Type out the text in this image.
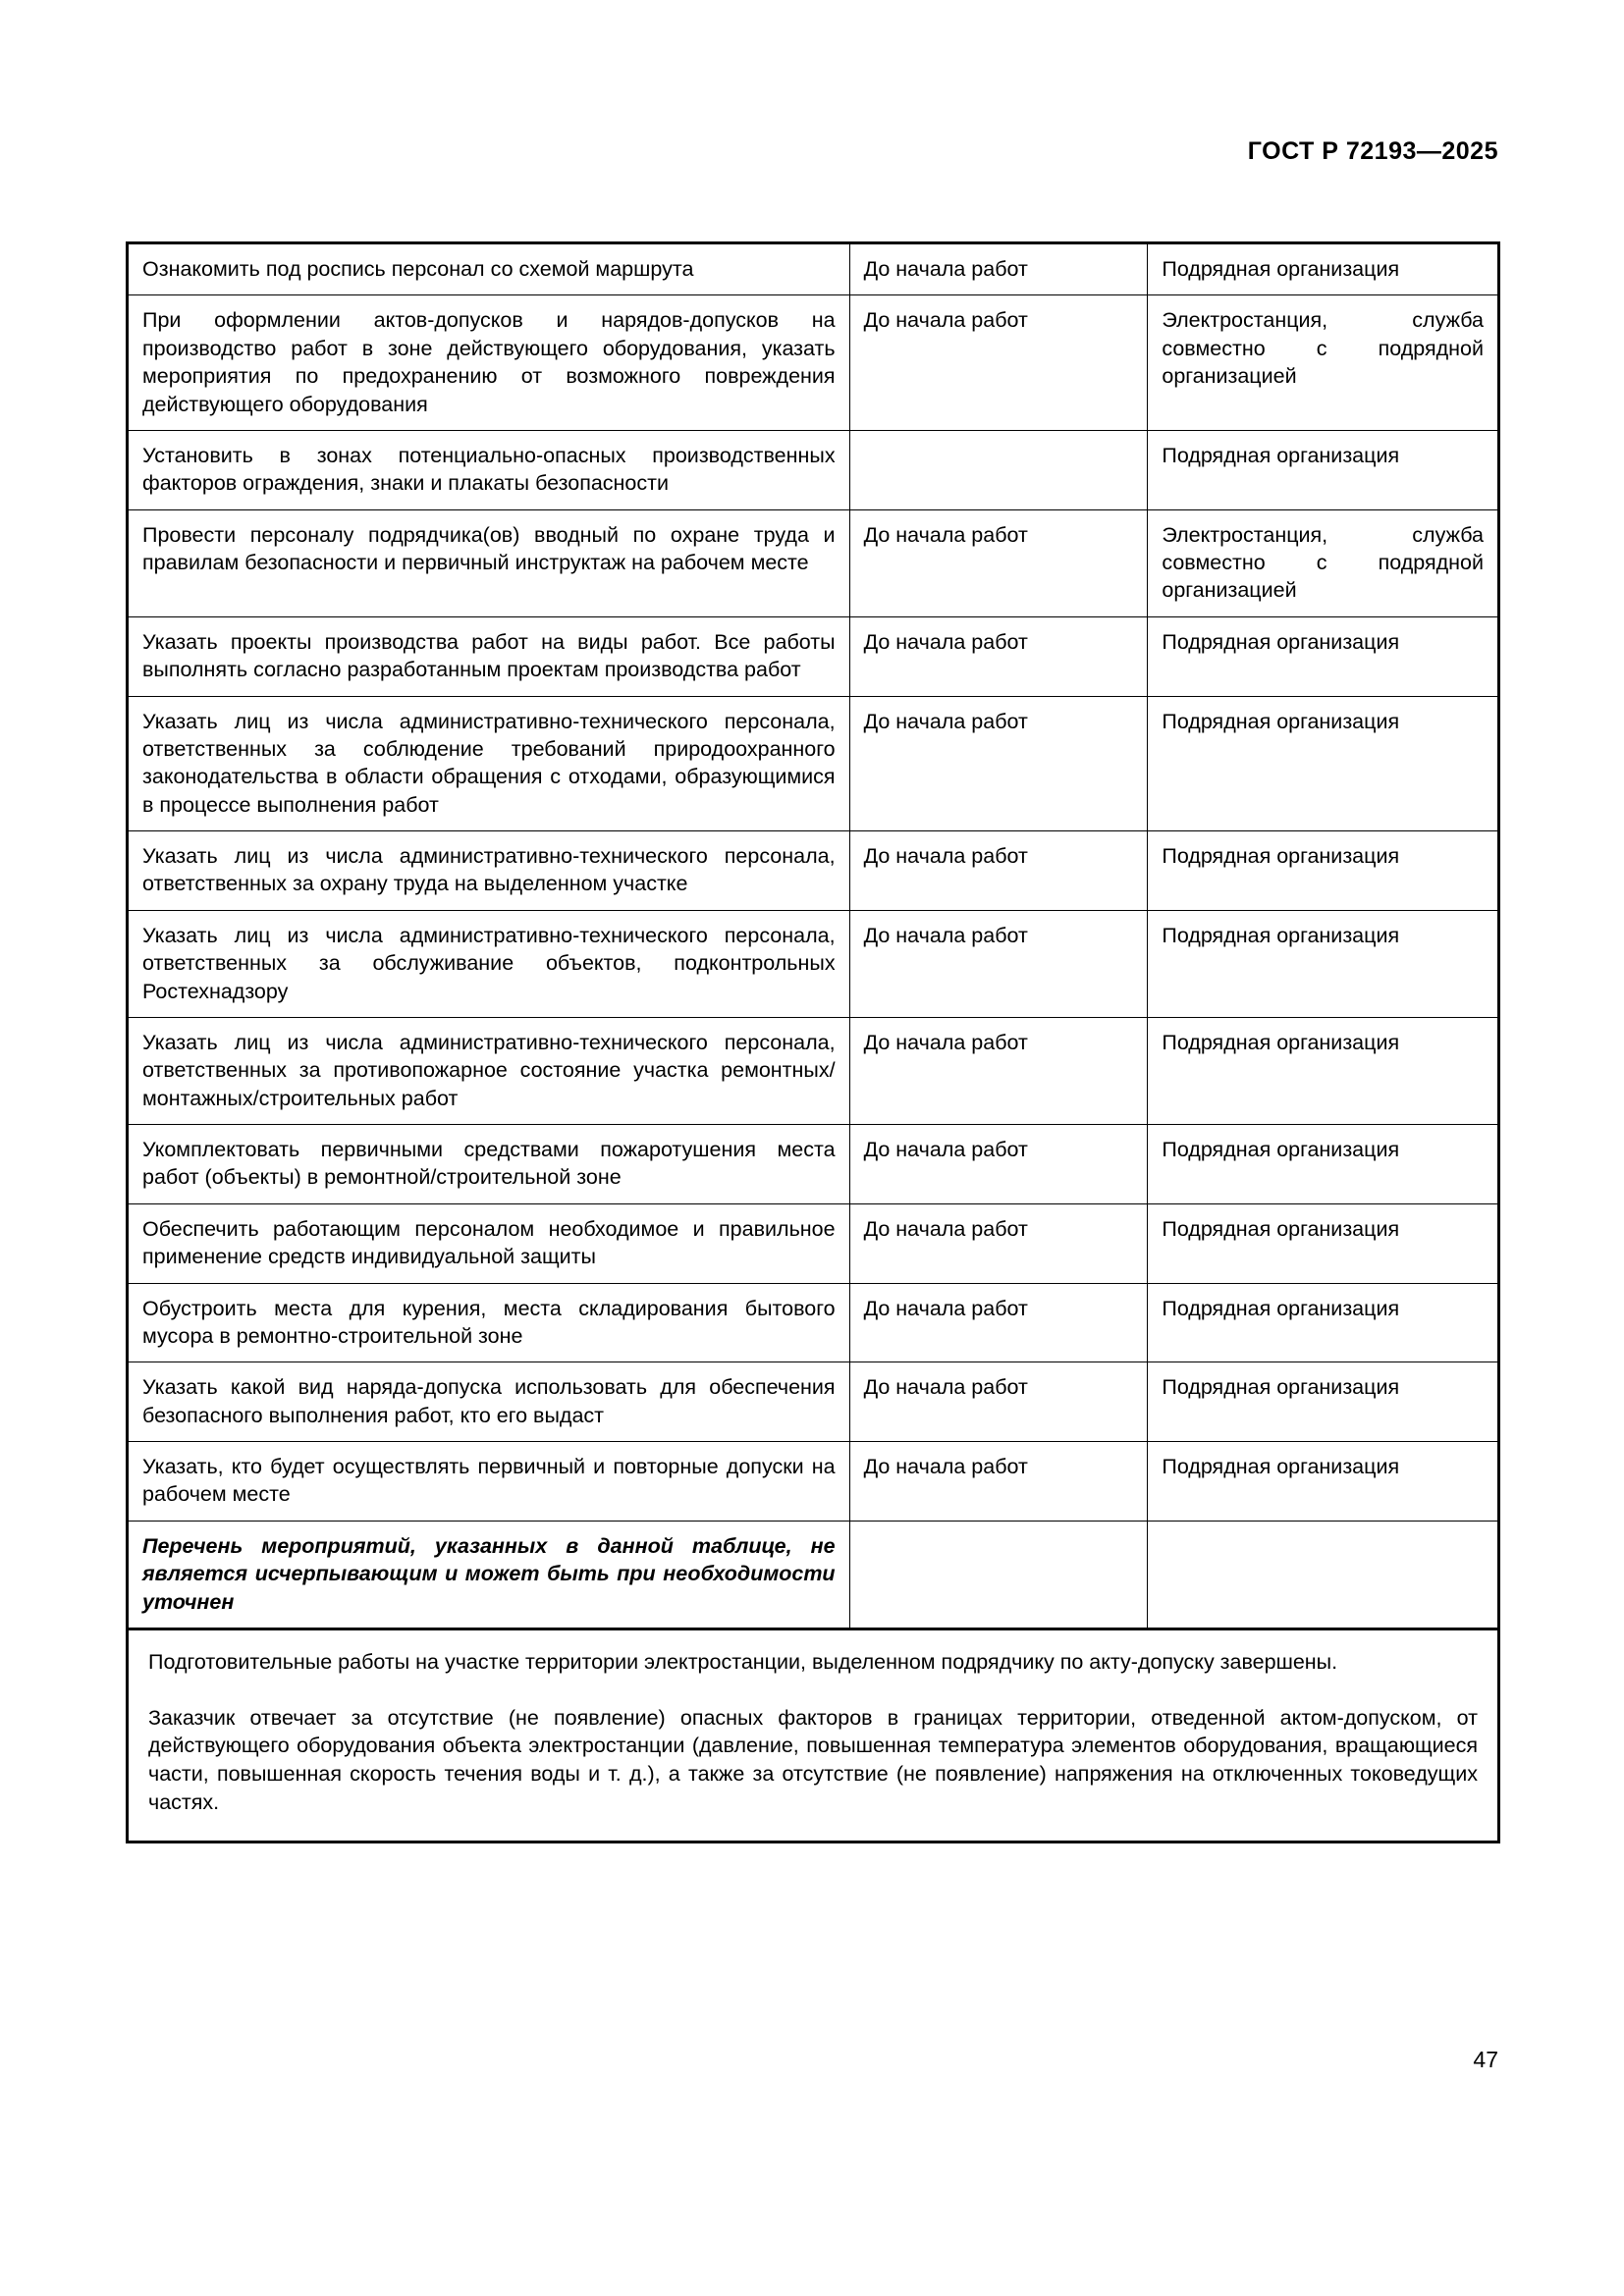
ГОСТ Р 72193—2025
Ознакомить под роспись персонал со схемой маршрута	До начала работ	Подрядная организация
При оформлении актов-допусков и нарядов-допусков на производство работ в зоне действующего оборудования, указать мероприятия по предохранению от возможного повреждения действующего оборудования	До начала работ	Электростанция, служба совместно с подрядной организацией
Установить в зонах потенциально-опасных производственных факторов ограждения, знаки и плакаты безопасности		Подрядная организация
Провести персоналу подрядчика(ов) вводный по охране труда и правилам безопасности и первичный инструктаж на рабочем месте	До начала работ	Электростанция, служба совместно с подрядной организацией
Указать проекты производства работ на виды работ. Все работы выполнять согласно разработанным проектам производства работ	До начала работ	Подрядная организация
Указать лиц из числа административно-технического персонала, ответственных за соблюдение требований природоохранного законодательства в области обращения с отходами, образующимися в процессе выполнения работ	До начала работ	Подрядная организация
Указать лиц из числа административно-технического персонала, ответственных за охрану труда на выделенном участке	До начала работ	Подрядная организация
Указать лиц из числа административно-технического персонала, ответственных за обслуживание объектов, подконтрольных Ростехнадзору	До начала работ	Подрядная организация
Указать лиц из числа административно-технического персонала, ответственных за противопожарное состояние участка ремонтных/монтажных/строительных работ	До начала работ	Подрядная организация
Укомплектовать первичными средствами пожаротушения места работ (объекты) в ремонтной/строительной зоне	До начала работ	Подрядная организация
Обеспечить работающим персоналом необходимое и правильное применение средств индивидуальной защиты	До начала работ	Подрядная организация
Обустроить места для курения, места складирования бытового мусора в ремонтно-строительной зоне	До начала работ	Подрядная организация
Указать какой вид наряда-допуска использовать для обеспечения безопасного выполнения работ, кто его выдаст	До начала работ	Подрядная организация
Указать, кто будет осуществлять первичный и повторные допуски на рабочем месте	До начала работ	Подрядная организация
Перечень мероприятий, указанных в данной таблице, не является исчерпывающим и может быть при необходимости уточнен		

Подготовительные работы на участке территории электростанции, выделенном подрядчику по акту-допуску завершены.

Заказчик отвечает за отсутствие (не появление) опасных факторов в границах территории, отведенной актом-допуском, от действующего оборудования объекта электростанции (давление, повышенная температура элементов оборудования, вращающиеся части, повышенная скорость течения воды и т. д.), а также за отсутствие (не появление) напряжения на отключенных токоведущих частях.

47
